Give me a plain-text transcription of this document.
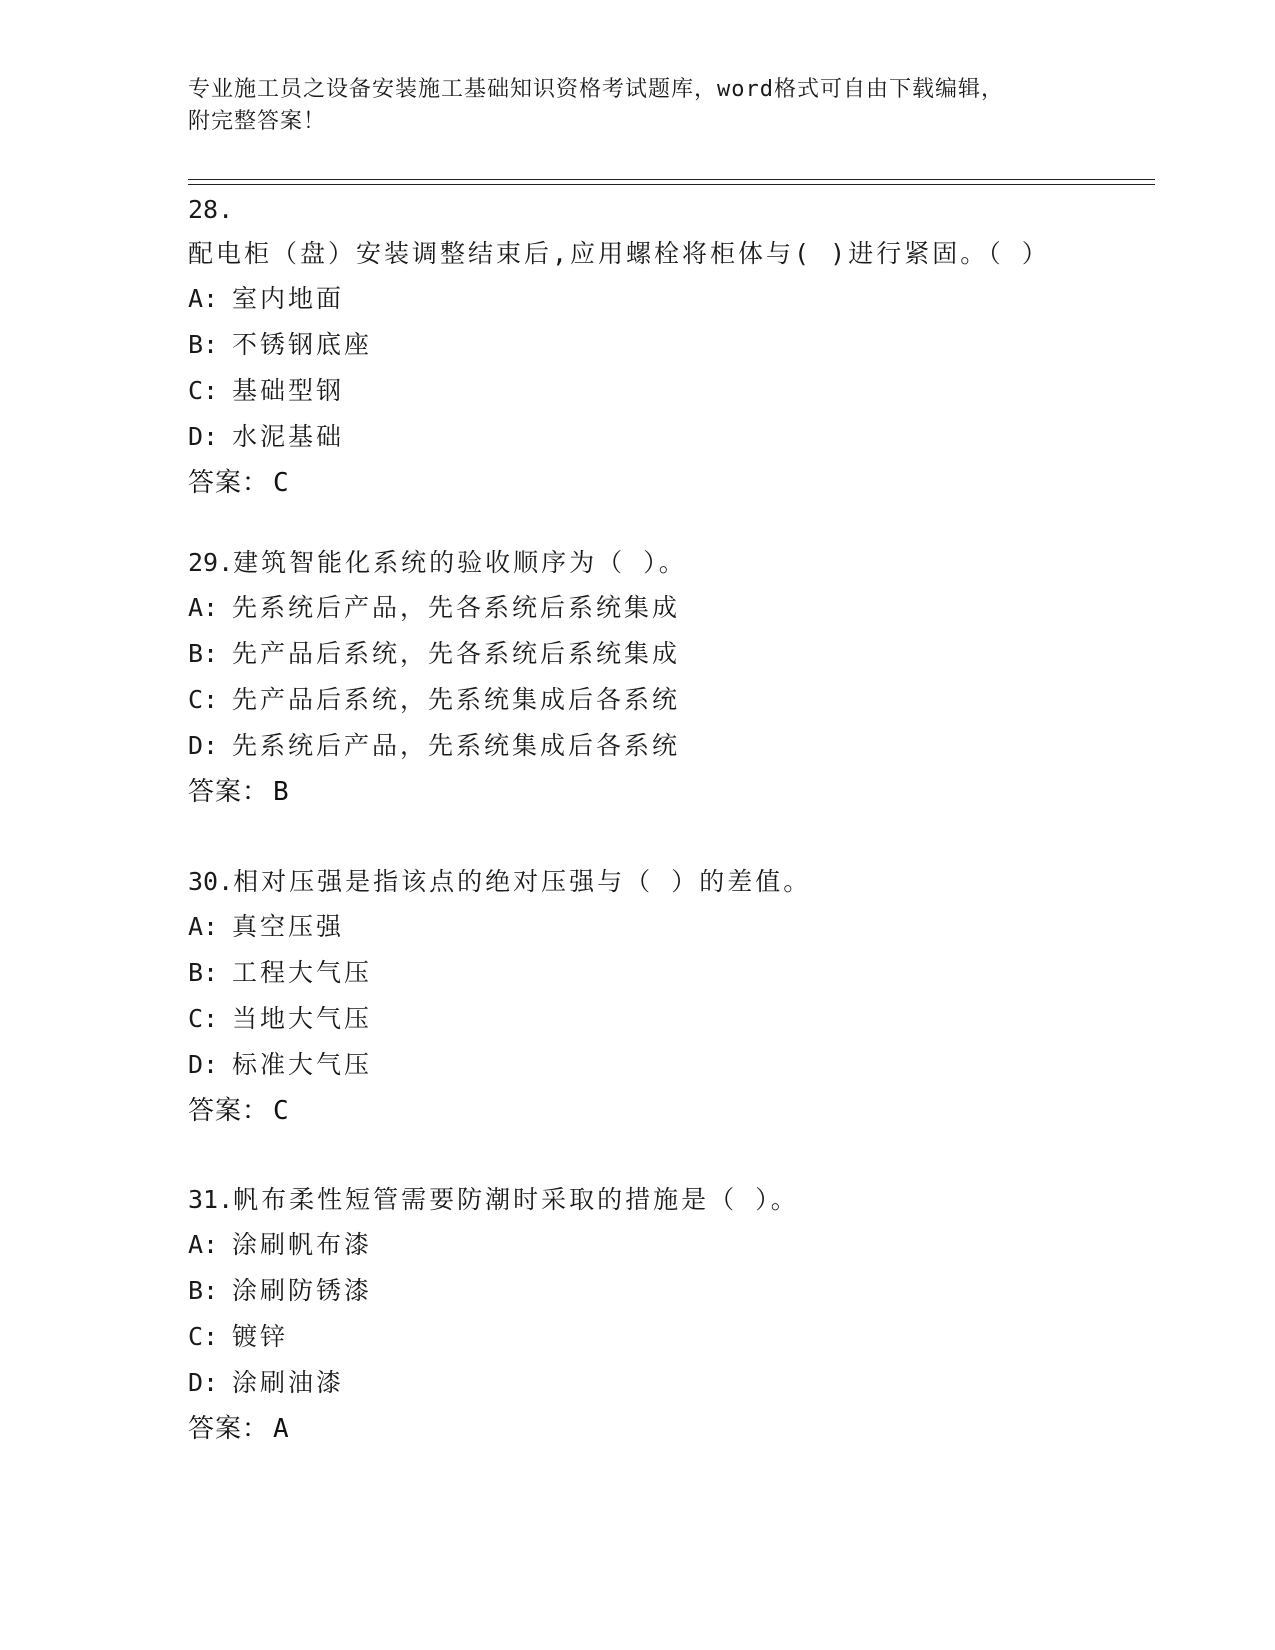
专业施工员之设备安装施工基础知识资格考试题库，word格式可自由下载编辑，
附完整答案！
28.配电柜（盘）安装调整结束后,应用螺栓将柜体与( )进行紧固。（ ）
A: 室内地面
B: 不锈钢底座
C: 基础型钢
D: 水泥基础
答案： C
29.建筑智能化系统的验收顺序为（ ）。
A: 先系统后产品，先各系统后系统集成
B: 先产品后系统，先各系统后系统集成
C: 先产品后系统，先系统集成后各系统
D: 先系统后产品，先系统集成后各系统
答案： B
30.相对压强是指该点的绝对压强与（ ）的差值。
A: 真空压强
B: 工程大气压
C: 当地大气压
D: 标准大气压
答案： C
31.帆布柔性短管需要防潮时采取的措施是（ ）。
A: 涂刷帆布漆
B: 涂刷防锈漆
C: 镀锌
D: 涂刷油漆
答案： A
